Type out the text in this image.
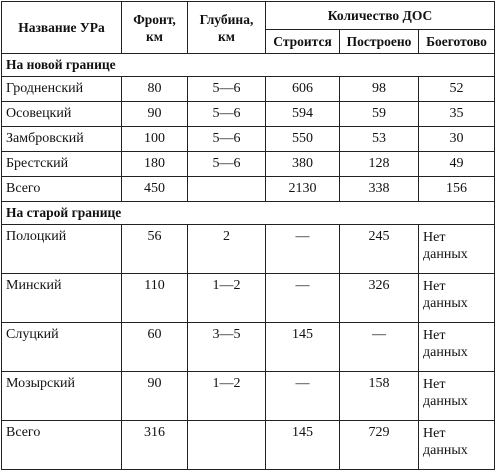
Название УРа	Фронт, км	Глубина, км	Количество ДОС		
			Строится	Построено	Боеготово
На новой границе					
Гродненский	80	5—6	606	98	52
Осовецкий	90	5—6	594	59	35
Замбровский	100	5—6	550	53	30
Брестский	180	5—6	380	128	49
Всего	450		2130	338	156
На старой границе					
Полоцкий	56	2	—	245	Нет данных
Минский	110	1—2	—	326	Нет данных
Слуцкий	60	3—5	145	—	Нет данных
Мозырский	90	1—2	—	158	Нет данных
Всего	316		145	729	Нет данных
